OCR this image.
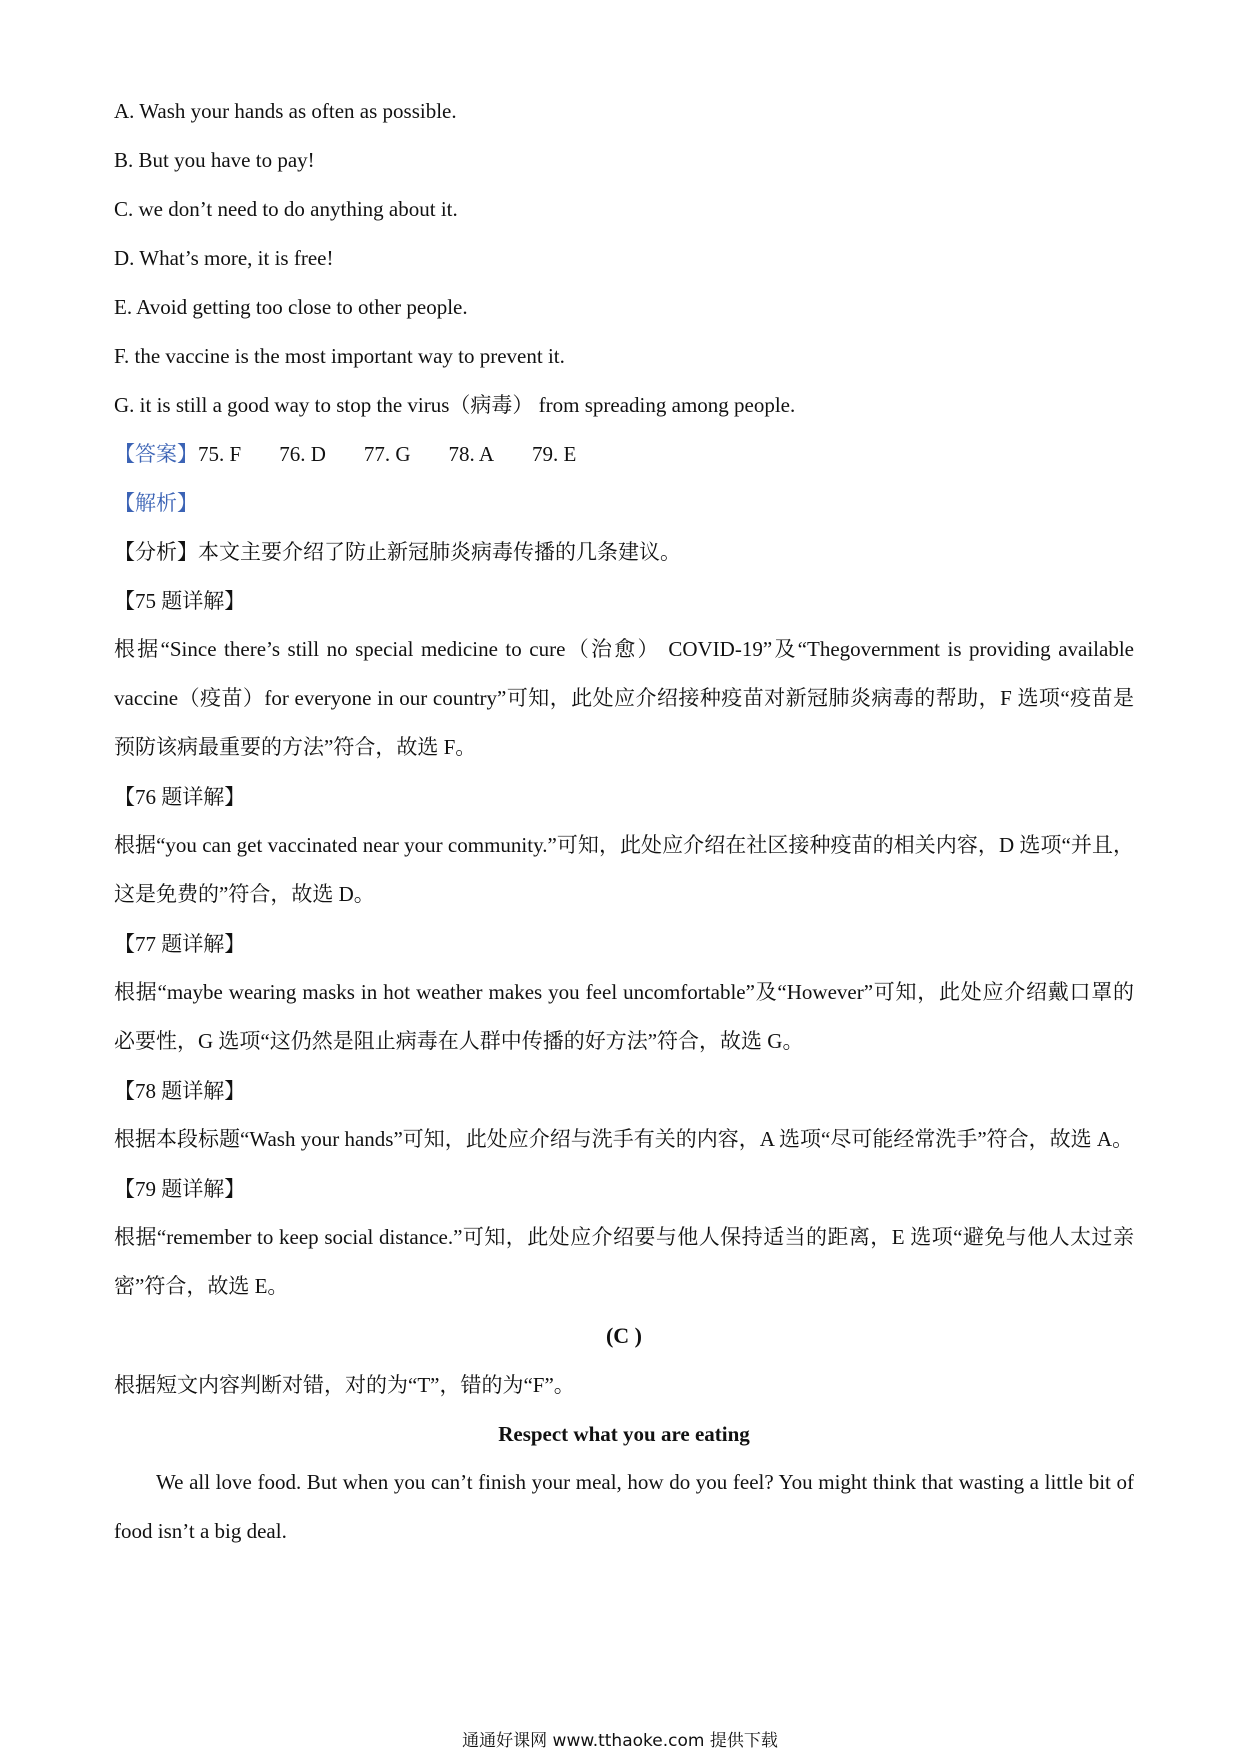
A. Wash your hands as often as possible.

B. But you have to pay!

C. we don’t need to do anything about it.

D. What’s more, it is free!

E. Avoid getting too close to other people.

F. the vaccine is the most important way to prevent it.

G. it is still a good way to stop the virus（病毒） from spreading among people.

【答案】75. F 76. D 77. G 78. A 79. E

【解析】

【分析】本文主要介绍了防止新冠肺炎病毒传播的几条建议。

【75 题详解】

根据“Since there’s still no special medicine to cure（治愈） COVID-19”及“Thegovernment is providing available vaccine（疫苗）for everyone in our country”可知，此处应介绍接种疫苗对新冠肺炎病毒的帮助，F 选项“疫苗是预防该病最重要的方法”符合，故选 F。

【76 题详解】

根据“you can get vaccinated near your community.”可知，此处应介绍在社区接种疫苗的相关内容，D 选项“并且，这是免费的”符合，故选 D。

【77 题详解】

根据“maybe wearing masks in hot weather makes you feel uncomfortable”及“However”可知，此处应介绍戴口罩的必要性，G 选项“这仍然是阻止病毒在人群中传播的好方法”符合，故选 G。

【78 题详解】

根据本段标题“Wash your hands”可知，此处应介绍与洗手有关的内容，A 选项“尽可能经常洗手”符合，故选 A。

【79 题详解】

根据“remember to keep social distance.”可知，此处应介绍要与他人保持适当的距离，E 选项“避免与他人太过亲密”符合，故选 E。

(C )

根据短文内容判断对错，对的为“T”，错的为“F”。

Respect what you are eating

We all love food. But when you can’t finish your meal, how do you feel? You might think that wasting a little bit of food isn’t a big deal.

通通好课网 www.tthaoke.com 提供下载
